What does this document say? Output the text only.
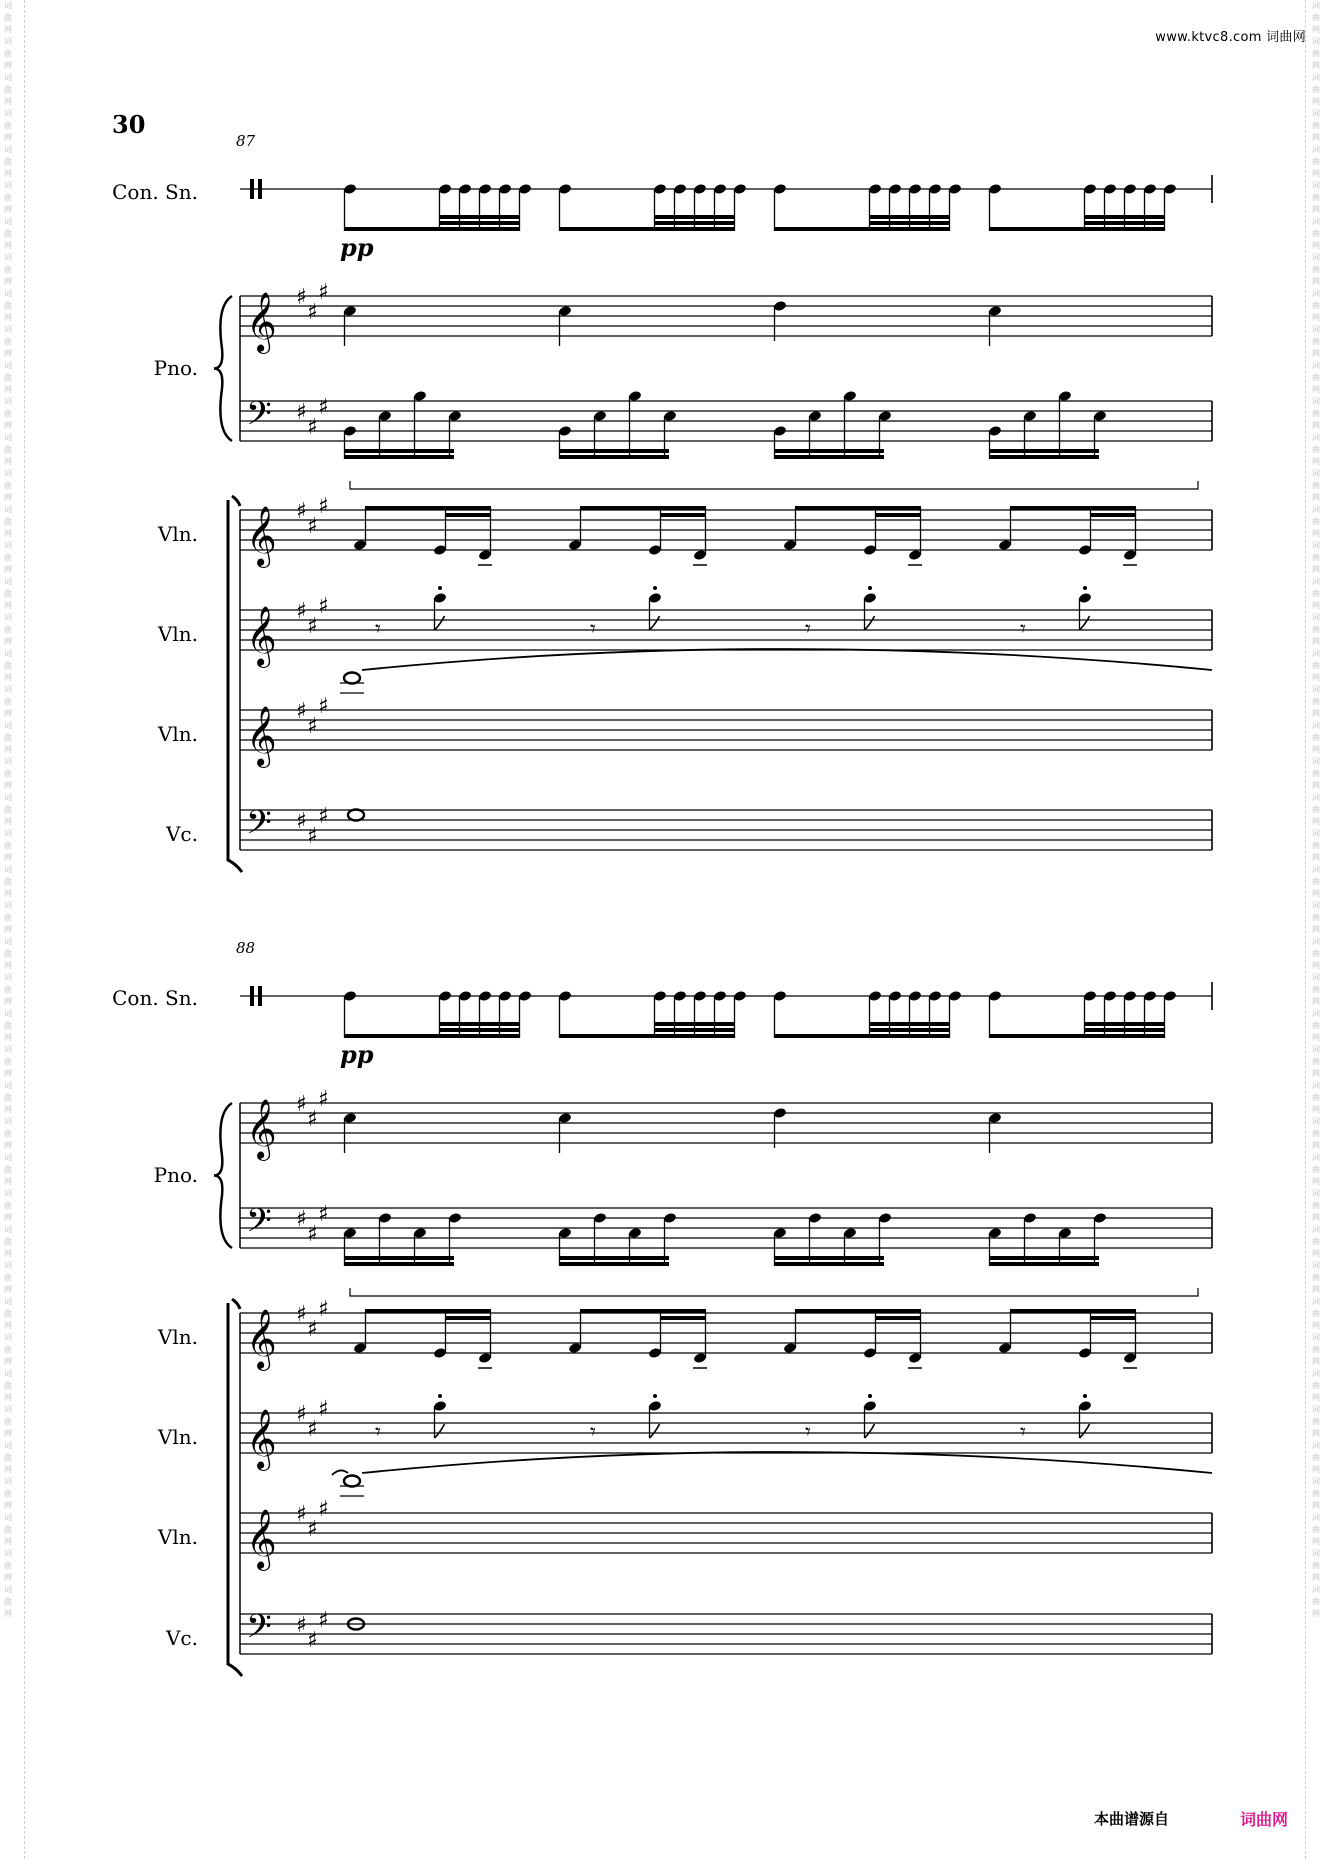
词曲网词曲网词曲网词曲网词曲网词曲网词曲网词曲网词曲网词曲网词曲网词曲网词曲网词曲网词曲网词曲网词曲网词曲网词曲网词曲网词曲网词曲网词曲网词曲网词曲网词曲网词曲网词曲网词曲网词曲网词曲网词曲网词曲网词曲网词曲网词曲网词曲网词曲网词曲网词曲网词曲网词曲网词曲网词曲网词曲网
词曲网词曲网词曲网词曲网词曲网词曲网词曲网词曲网词曲网词曲网词曲网词曲网词曲网词曲网词曲网词曲网词曲网词曲网词曲网词曲网词曲网词曲网词曲网词曲网词曲网词曲网词曲网词曲网词曲网词曲网词曲网词曲网词曲网词曲网词曲网词曲网词曲网词曲网词曲网词曲网词曲网词曲网词曲网词曲网词曲网
www.ktvc8.com 词曲网
30
87
Con. Sn.
Pno.
Vln.
Vln.
Vln.
Vc.
88
Con. Sn.
Pno.
Vln.
Vln.
Vln.
Vc.
pp
𝄞 ♯
♯
♯
𝄢 ♯
♯
♯
𝄞 ♯
♯
♯
𝄞 ♯
♯
♯
𝄾	𝄾	𝄾	𝄾
𝄞 ♯
♯
♯
𝄢 ♯
♯
♯
pp
𝄞 ♯
♯
♯
𝄢 ♯
♯
♯
𝄞 ♯
♯
♯
𝄞 ♯
♯
♯
𝄾	𝄾	𝄾	𝄾
𝄞 ♯
♯
♯
𝄢 ♯
♯
♯
本曲谱源自	词曲网
